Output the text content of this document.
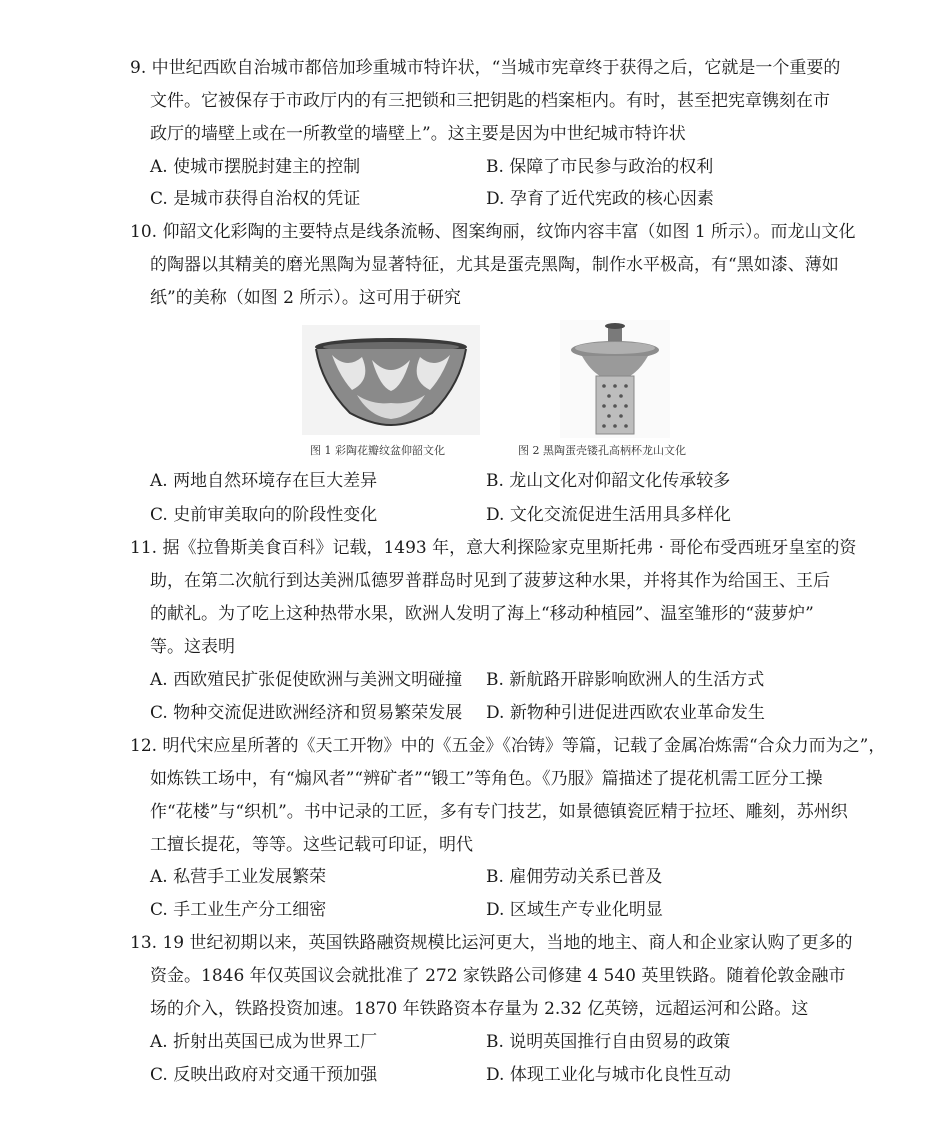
9. 中世纪西欧自治城市都倍加珍重城市特许状，“当城市宪章终于获得之后，它就是一个重要的
文件。它被保存于市政厅内的有三把锁和三把钥匙的档案柜内。有时，甚至把宪章镌刻在市
政厅的墙壁上或在一所教堂的墙壁上”。这主要是因为中世纪城市特许状
A. 使城市摆脱封建主的控制	B. 保障了市民参与政治的权利
C. 是城市获得自治权的凭证	D. 孕育了近代宪政的核心因素
10. 仰韶文化彩陶的主要特点是线条流畅、图案绚丽，纹饰内容丰富（如图 1 所示）。而龙山文化
的陶器以其精美的磨光黑陶为显著特征，尤其是蛋壳黑陶，制作水平极高，有“黑如漆、薄如
纸”的美称（如图 2 所示）。这可用于研究
图 1 彩陶花瓣纹盆仰韶文化	图 2 黑陶蛋壳镂孔高柄杯龙山文化
A. 两地自然环境存在巨大差异	B. 龙山文化对仰韶文化传承较多
C. 史前审美取向的阶段性变化	D. 文化交流促进生活用具多样化
11. 据《拉鲁斯美食百科》记载，1493 年，意大利探险家克里斯托弗 · 哥伦布受西班牙皇室的资
助，在第二次航行到达美洲瓜德罗普群岛时见到了菠萝这种水果，并将其作为给国王、王后
的献礼。为了吃上这种热带水果，欧洲人发明了海上“移动种植园”、温室雏形的“菠萝炉”
等。这表明
A. 西欧殖民扩张促使欧洲与美洲文明碰撞 B. 新航路开辟影响欧洲人的生活方式
C. 物种交流促进欧洲经济和贸易繁荣发展 D. 新物种引进促进西欧农业革命发生
12. 明代宋应星所著的《天工开物》中的《五金》《冶铸》等篇，记载了金属冶炼需“合众力而为之”，
如炼铁工场中，有“煽风者”“辨矿者”“锻工”等角色。《乃服》篇描述了提花机需工匠分工操
作“花楼”与“织机”。书中记录的工匠，多有专门技艺，如景德镇瓷匠精于拉坯、雕刻，苏州织
工擅长提花，等等。这些记载可印证，明代
A. 私营手工业发展繁荣	B. 雇佣劳动关系已普及
C. 手工业生产分工细密	D. 区域生产专业化明显
13. 19 世纪初期以来，英国铁路融资规模比运河更大，当地的地主、商人和企业家认购了更多的
资金。1846 年仅英国议会就批准了 272 家铁路公司修建 4 540 英里铁路。随着伦敦金融市
场的介入，铁路投资加速。1870 年铁路资本存量为 2.32 亿英镑，远超运河和公路。这
A. 折射出英国已成为世界工厂	B. 说明英国推行自由贸易的政策
C. 反映出政府对交通干预加强	D. 体现工业化与城市化良性互动
